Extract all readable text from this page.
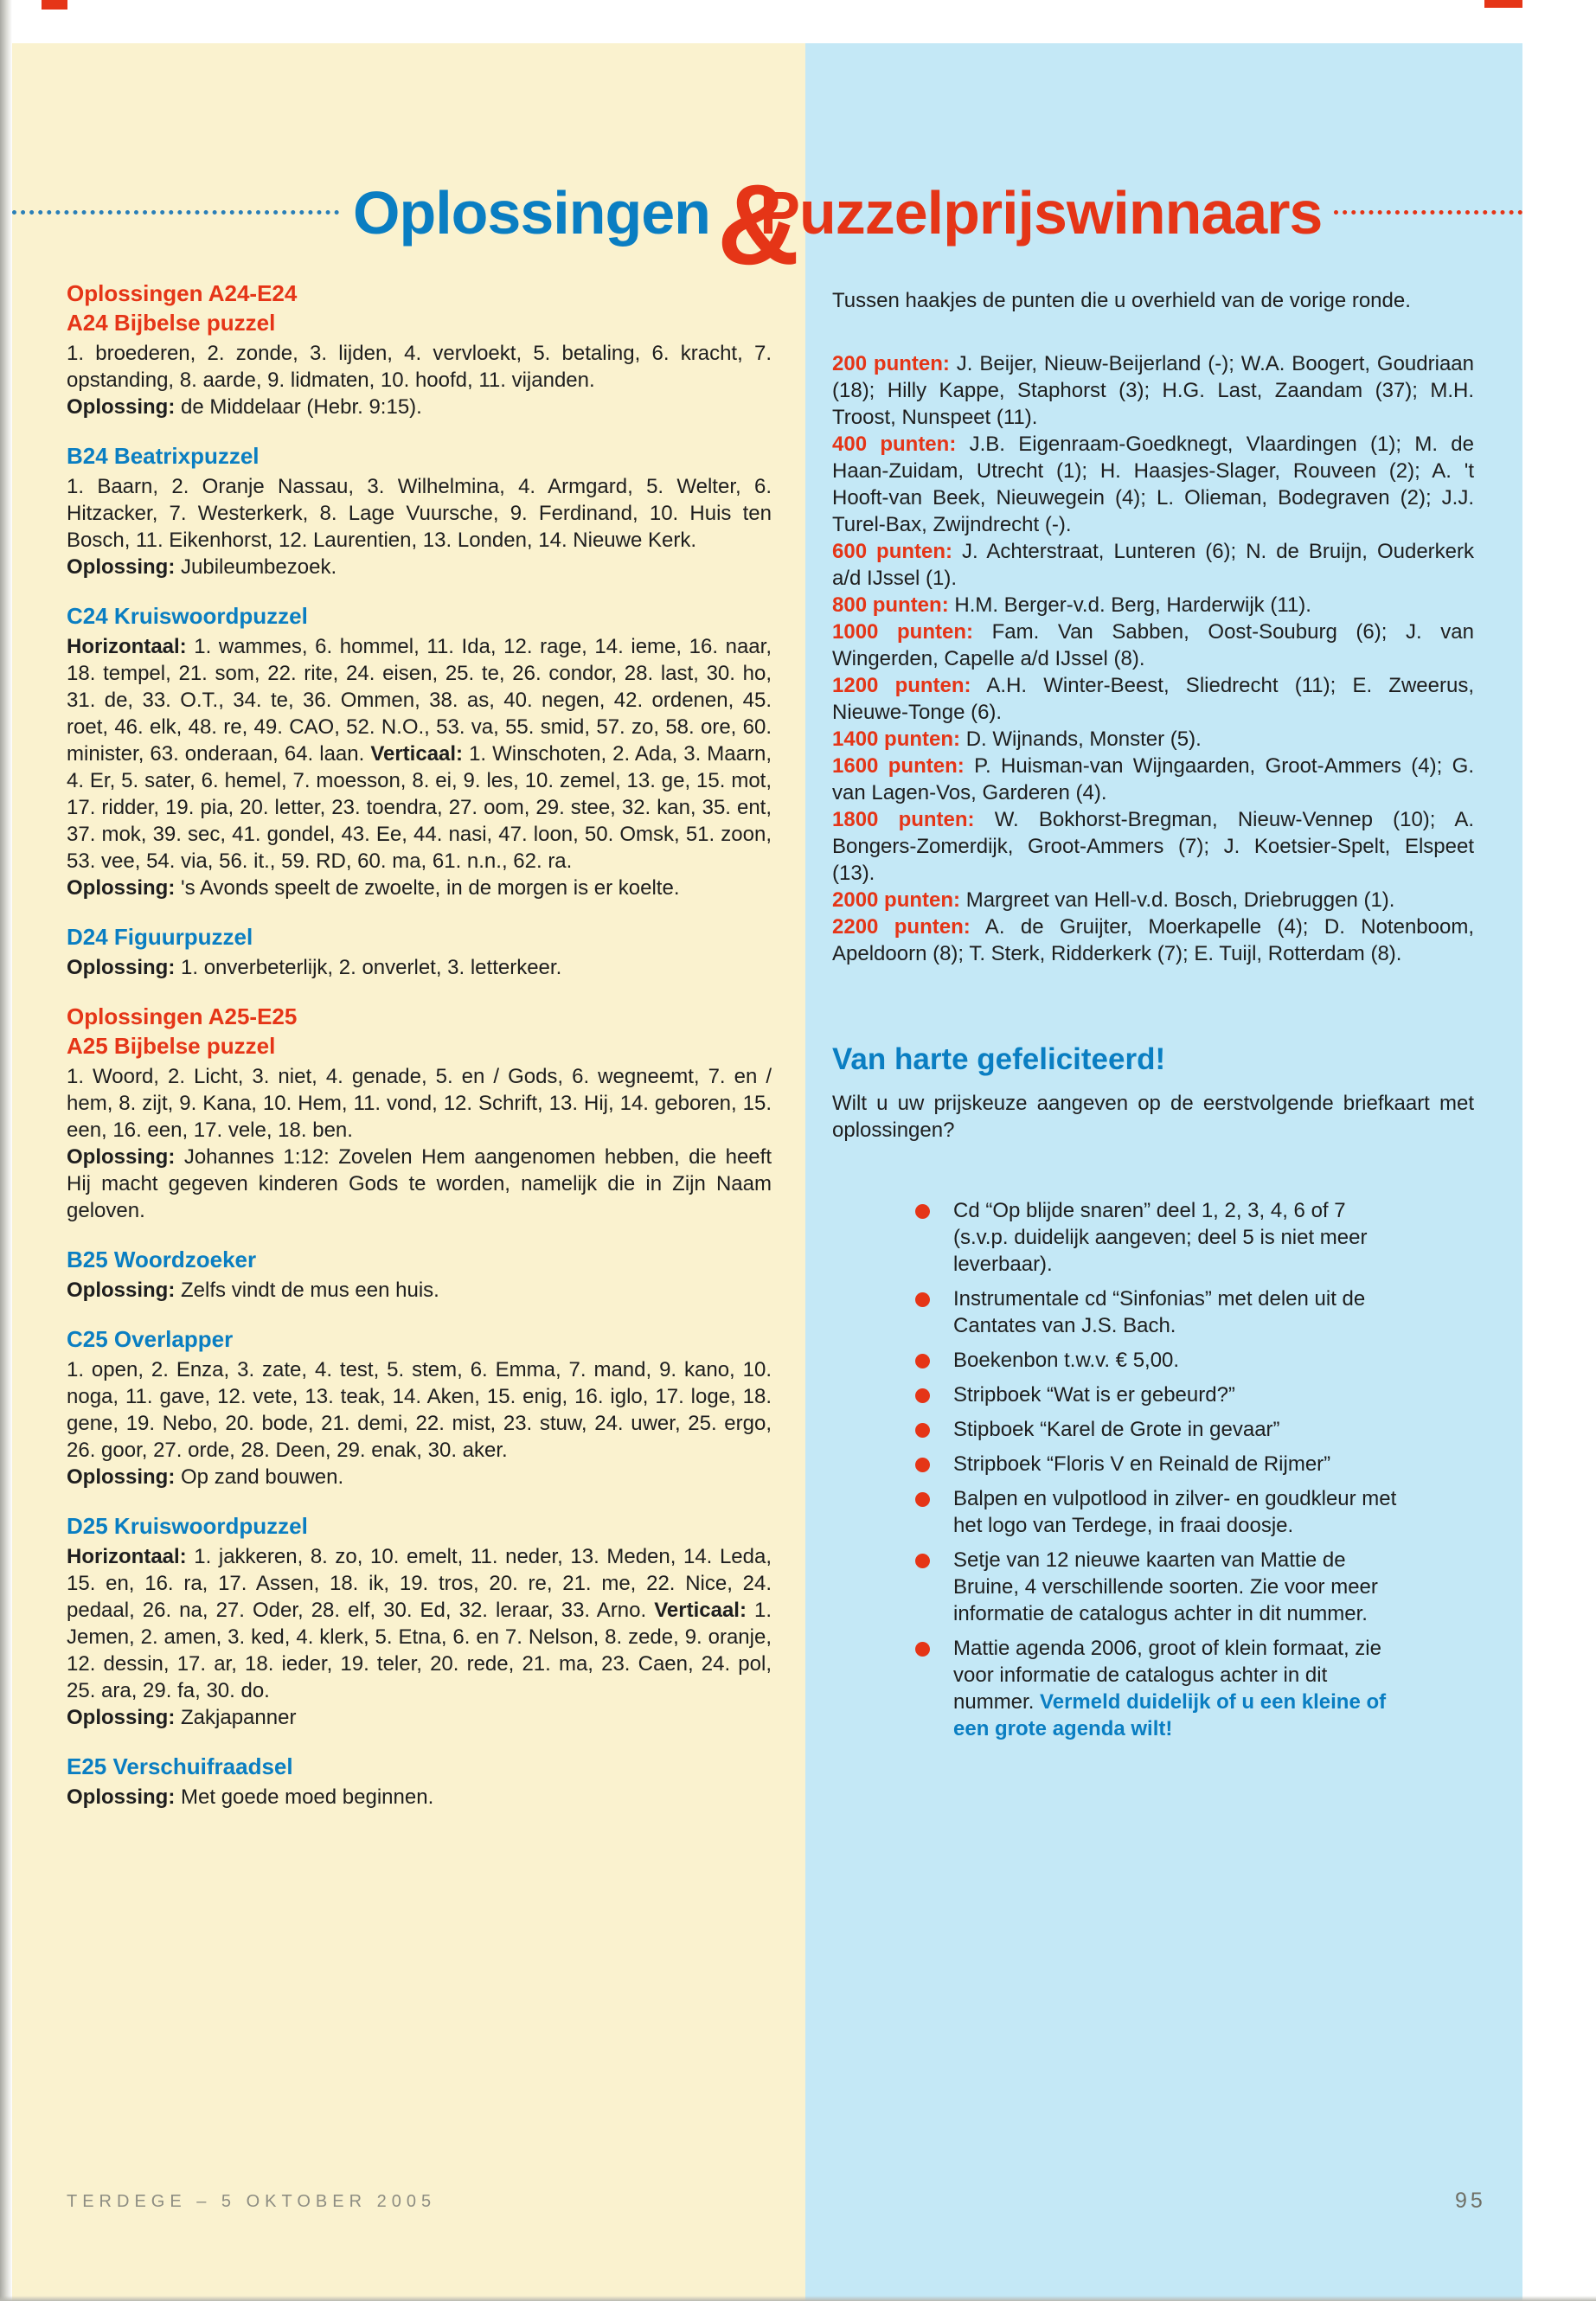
Oplossingen &
Puzzelprijswinnaars
Oplossingen A24-E24
A24 Bijbelse puzzel

1. broederen, 2. zonde, 3. lijden, 4. vervloekt, 5. betaling, 6. kracht, 7. opstanding, 8. aarde, 9. lidmaten, 10. hoofd, 11. vijanden.

Oplossing: de Middelaar (Hebr. 9:15).

B24 Beatrixpuzzel

1. Baarn, 2. Oranje Nassau, 3. Wilhelmina, 4. Armgard, 5. Welter, 6. Hitzacker, 7. Westerkerk, 8. Lage Vuursche, 9. Ferdinand, 10. Huis ten Bosch, 11. Eikenhorst, 12. Laurentien, 13. Londen, 14. Nieuwe Kerk.

Oplossing: Jubileumbezoek.

C24 Kruiswoordpuzzel

Horizontaal: 1. wammes, 6. hommel, 11. Ida, 12. rage, 14. ieme, 16. naar, 18. tempel, 21. som, 22. rite, 24. eisen, 25. te, 26. condor, 28. last, 30. ho, 31. de, 33. O.T., 34. te, 36. Ommen, 38. as, 40. negen, 42. ordenen, 45. roet, 46. elk, 48. re, 49. CAO, 52. N.O., 53. va, 55. smid, 57. zo, 58. ore, 60. minister, 63. onderaan, 64. laan. Verticaal: 1. Winschoten, 2. Ada, 3. Maarn, 4. Er, 5. sater, 6. hemel, 7. moesson, 8. ei, 9. les, 10. zemel, 13. ge, 15. mot, 17. ridder, 19. pia, 20. letter, 23. toendra, 27. oom, 29. stee, 32. kan, 35. ent, 37. mok, 39. sec, 41. gondel, 43. Ee, 44. nasi, 47. loon, 50. Omsk, 51. zoon, 53. vee, 54. via, 56. it., 59. RD, 60. ma, 61. n.n., 62. ra.

Oplossing: 's Avonds speelt de zwoelte, in de morgen is er koelte.

D24 Figuurpuzzel

Oplossing: 1. onverbeterlijk, 2. onverlet, 3. letterkeer.

Oplossingen A25-E25
A25 Bijbelse puzzel

1. Woord, 2. Licht, 3. niet, 4. genade, 5. en / Gods, 6. wegneemt, 7. en / hem, 8. zijt, 9. Kana, 10. Hem, 11. vond, 12. Schrift, 13. Hij, 14. geboren, 15. een, 16. een, 17. vele, 18. ben.

Oplossing: Johannes 1:12: Zovelen Hem aangenomen hebben, die heeft Hij macht gegeven kinderen Gods te worden, namelijk die in Zijn Naam geloven.

B25 Woordzoeker

Oplossing: Zelfs vindt de mus een huis.

C25 Overlapper

1. open, 2. Enza, 3. zate, 4. test, 5. stem, 6. Emma, 7. mand, 9. kano, 10. noga, 11. gave, 12. vete, 13. teak, 14. Aken, 15. enig, 16. iglo, 17. loge, 18. gene, 19. Nebo, 20. bode, 21. demi, 22. mist, 23. stuw, 24. uwer, 25. ergo, 26. goor, 27. orde, 28. Deen, 29. enak, 30. aker.

Oplossing: Op zand bouwen.

D25 Kruiswoordpuzzel

Horizontaal: 1. jakkeren, 8. zo, 10. emelt, 11. neder, 13. Meden, 14. Leda, 15. en, 16. ra, 17. Assen, 18. ik, 19. tros, 20. re, 21. me, 22. Nice, 24. pedaal, 26. na, 27. Oder, 28. elf, 30. Ed, 32. leraar, 33. Arno. Verticaal: 1. Jemen, 2. amen, 3. ked, 4. klerk, 5. Etna, 6. en 7. Nelson, 8. zede, 9. oranje, 12. dessin, 17. ar, 18. ieder, 19. teler, 20. rede, 21. ma, 23. Caen, 24. pol, 25. ara, 29. fa, 30. do.

Oplossing: Zakjapanner

E25 Verschuifraadsel

Oplossing: Met goede moed beginnen.

Tussen haakjes de punten die u overhield van de vorige ronde.

200 punten: J. Beijer, Nieuw-Beijerland (-); W.A. Boogert, Goudriaan (18); Hilly Kappe, Staphorst (3); H.G. Last, Zaandam (37); M.H. Troost, Nunspeet (11).

400 punten: J.B. Eigenraam-Goedknegt, Vlaardingen (1); M. de Haan-Zuidam, Utrecht (1); H. Haasjes-Slager, Rouveen (2); A. 't Hooft-van Beek, Nieuwegein (4); L. Olieman, Bodegraven (2); J.J. Turel-Bax, Zwijndrecht (-).

600 punten: J. Achterstraat, Lunteren (6); N. de Bruijn, Ouderkerk a/d IJssel (1).

800 punten: H.M. Berger-v.d. Berg, Harderwijk (11).

1000 punten: Fam. Van Sabben, Oost-Souburg (6); J. van Wingerden, Capelle a/d IJssel (8).

1200 punten: A.H. Winter-Beest, Sliedrecht (11); E. Zweerus, Nieuwe-Tonge (6).

1400 punten: D. Wijnands, Monster (5).

1600 punten: P. Huisman-van Wijngaarden, Groot-Ammers (4); G. van Lagen-Vos, Garderen (4).

1800 punten: W. Bokhorst-Bregman, Nieuw-Vennep (10); A. Bongers-Zomerdijk, Groot-Ammers (7); J. Koetsier-Spelt, Elspeet (13).

2000 punten: Margreet van Hell-v.d. Bosch, Driebruggen (1).

2200 punten: A. de Gruijter, Moerkapelle (4); D. Notenboom, Apeldoorn (8); T. Sterk, Ridderkerk (7); E. Tuijl, Rotterdam (8).

Van harte gefeliciteerd!

Wilt u uw prijskeuze aangeven op de eerstvolgende briefkaart met oplossingen?

Cd “Op blijde snaren” deel 1, 2, 3, 4, 6 of 7 (s.v.p. duidelijk aangeven; deel 5 is niet meer leverbaar).
Instrumentale cd “Sinfonias” met delen uit de Cantates van J.S. Bach.
Boekenbon t.w.v. € 5,00.
Stripboek “Wat is er gebeurd?”
Stipboek “Karel de Grote in gevaar”
Stripboek “Floris V en Reinald de Rijmer”
Balpen en vulpotlood in zilver- en goudkleur met het logo van Terdege, in fraai doosje.
Setje van 12 nieuwe kaarten van Mattie de Bruine, 4 verschillende soorten. Zie voor meer informatie de catalogus achter in dit nummer.
Mattie agenda 2006, groot of klein formaat, zie voor informatie de catalogus achter in dit nummer. Vermeld duidelijk of u een kleine of een grote agenda wilt!
TERDEGE – 5 OKTOBER 2005	95
